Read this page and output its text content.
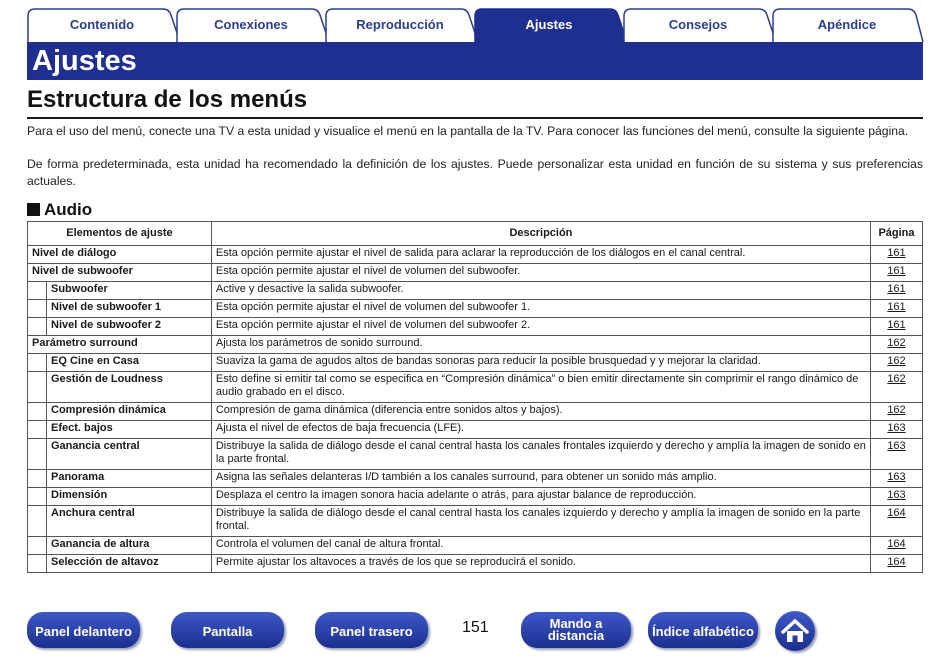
Contenido	Conexiones	Reproducción	Ajustes	Consejos	Apéndice
Ajustes
Estructura de los menús

Para el uso del menú, conecte una TV a esta unidad y visualice el menú en la pantalla de la TV. Para conocer las funciones del menú, consulte la siguiente página.

De forma predeterminada, esta unidad ha recomendado la definición de los ajustes. Puede personalizar esta unidad en función de su sistema y sus preferencias actuales.

Audio
Elementos de ajuste	Descripción	Página
Nivel de diálogo	Esta opción permite ajustar el nivel de salida para aclarar la reproducción de los diálogos en el canal central.	161
Nivel de subwoofer	Esta opción permite ajustar el nivel de volumen del subwoofer.	161
Subwoofer	Active y desactive la salida subwoofer.	161
Nivel de subwoofer 1	Esta opción permite ajustar el nivel de volumen del subwoofer 1.	161
Nivel de subwoofer 2	Esta opción permite ajustar el nivel de volumen del subwoofer 2.	161
Parámetro surround	Ajusta los parámetros de sonido surround.	162
EQ Cine en Casa	Suaviza la gama de agudos altos de bandas sonoras para reducir la posible brusquedad y y mejorar la claridad.	162
Gestión de Loudness	Esto define si emitir tal como se especifica en “Compresión dinámica” o bien emitir directamente sin comprimir el rango dinámico de audio grabado en el disco.	162
Compresión dinámica	Compresión de gama dinámica (diferencia entre sonidos altos y bajos).	162
Efect. bajos	Ajusta el nivel de efectos de baja frecuencia (LFE).	163
Ganancia central	Distribuye la salida de diálogo desde el canal central hasta los canales frontales izquierdo y derecho y amplía la imagen de sonido en la parte frontal.	163
Panorama	Asigna las señales delanteras I/D también a los canales surround, para obtener un sonido más amplio.	163
Dimensión	Desplaza el centro la imagen sonora hacia adelante o atrás, para ajustar balance de reproducción.	163
Anchura central	Distribuye la salida de diálogo desde el canal central hasta los canales izquierdo y derecho y amplía la imagen de sonido en la parte frontal.	164
Ganancia de altura	Controla el volumen del canal de altura frontal.	164
Selección de altavoz	Permite ajustar los altavoces a través de los que se reproducirá el sonido.	164
Panel delantero	Pantalla	Panel trasero	151	Mando a
distancia	Índice alfabético
